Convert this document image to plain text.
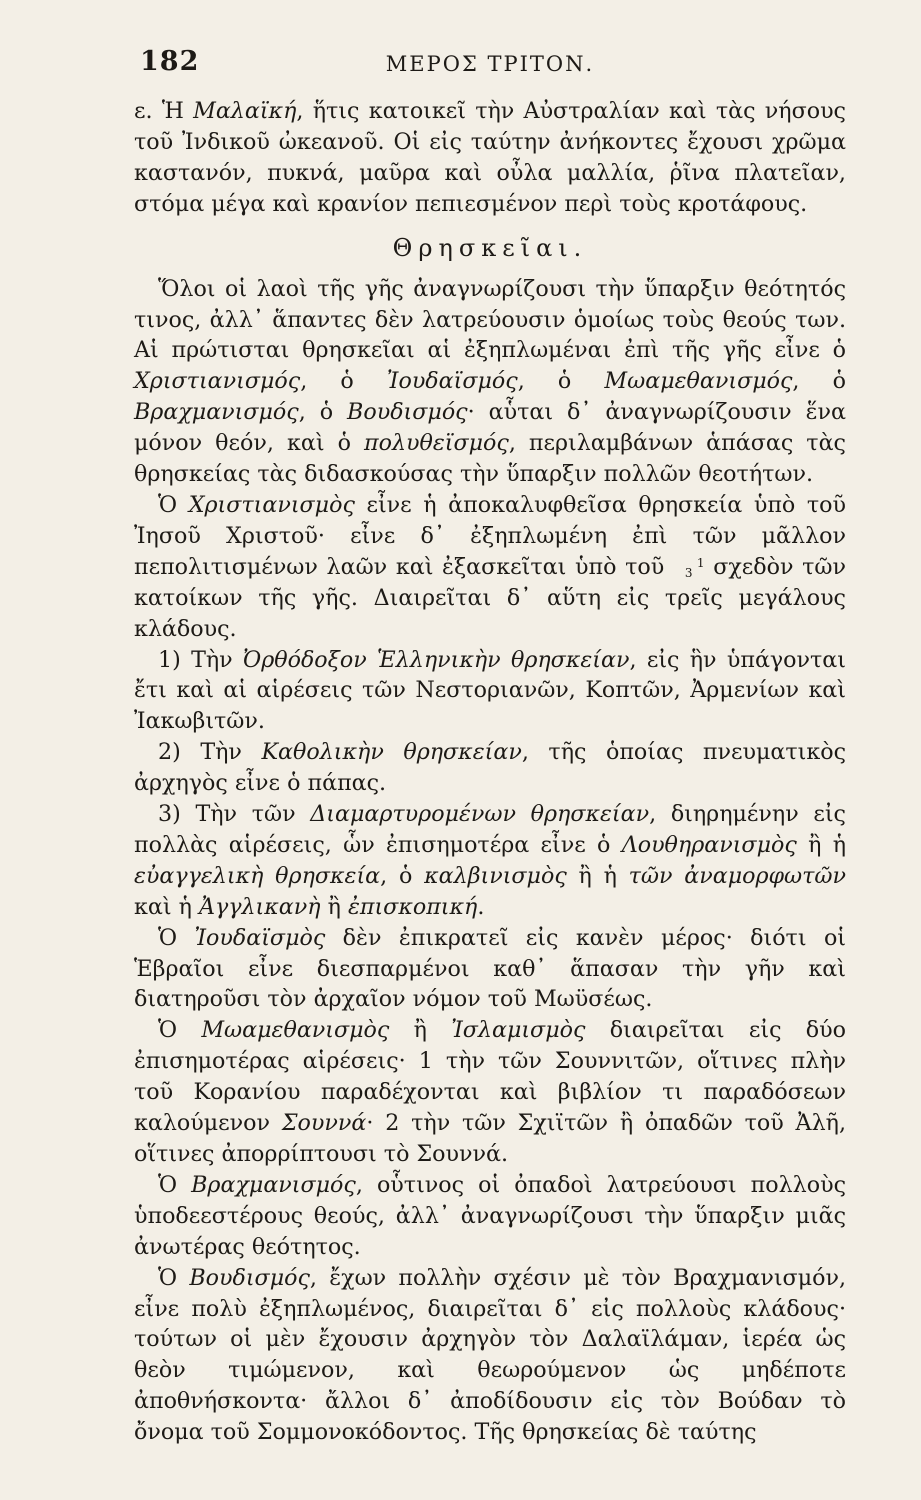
182	ΜΕΡΟΣ ΤΡΙΤΟΝ.

ε. Ἡ Μαλαϊκή, ἥτις κατοικεῖ τὴν Αὐστραλίαν καὶ τὰς νήσους τοῦ Ἰνδικοῦ ὠκεανοῦ. Οἱ εἰς ταύτην ἀνήκοντες ἔχουσι χρῶμα καστανόν, πυκνά, μαῦρα καὶ οὖλα μαλλία, ῥῖνα πλατεῖαν, στόμα μέγα καὶ κρανίον πεπιεσμένον περὶ τοὺς κροτάφους.

Θρησκεῖαι.

Ὅλοι οἱ λαοὶ τῆς γῆς ἀναγνωρίζουσι τὴν ὕπαρξιν θεότητός τινος, ἀλλ᾽ ἅπαντες δὲν λατρεύουσιν ὁμοίως τοὺς θεούς των. Αἱ πρώτισται θρησκεῖαι αἱ ἐξηπλωμέναι ἐπὶ τῆς γῆς εἶνε ὁ Χριστιανισμός, ὁ Ἰουδαϊσμός, ὁ Μωαμεθανισμός, ὁ Βραχμανισμός, ὁ Βουδισμός· αὗται δ᾽ ἀναγνωρίζουσιν ἕνα μόνον θεόν, καὶ ὁ πολυθεϊσμός, περιλαμβάνων ἁπάσας τὰς θρησκείας τὰς διδασκούσας τὴν ὕπαρξιν πολλῶν θεοτήτων.

Ὁ Χριστιανισμὸς εἶνε ἡ ἀποκαλυφθεῖσα θρησκεία ὑπὸ τοῦ Ἰησοῦ Χριστοῦ· εἶνε δ᾽ ἐξηπλωμένη ἐπὶ τῶν μᾶλλον πεπολιτισμένων λαῶν καὶ ἐξασκεῖται ὑπὸ τοῦ 1
3 σχεδὸν τῶν κατοίκων τῆς γῆς. Διαιρεῖται δ᾽ αὕτη εἰς τρεῖς μεγάλους κλάδους.

1) Τὴν Ὀρθόδοξον Ἑλληνικὴν θρησκείαν, εἰς ἣν ὑπάγονται ἔτι καὶ αἱ αἱρέσεις τῶν Νεστοριανῶν, Κοπτῶν, Ἀρμενίων καὶ Ἰακωβιτῶν.

2) Τὴν Καθολικὴν θρησκείαν, τῆς ὁποίας πνευματικὸς ἀρχηγὸς εἶνε ὁ πάπας.

3) Τὴν τῶν Διαμαρτυρομένων θρησκείαν, διηρημένην εἰς πολλὰς αἱρέσεις, ὧν ἐπισημοτέρα εἶνε ὁ Λουθηρανισμὸς ἢ ἡ εὐαγγελικὴ θρησκεία, ὁ καλβινισμὸς ἢ ἡ τῶν ἀναμορφωτῶν καὶ ἡ Ἀγγλικανὴ ἢ ἐπισκοπική.

Ὁ Ἰουδαϊσμὸς δὲν ἐπικρατεῖ εἰς κανὲν μέρος· διότι οἱ Ἑβραῖοι εἶνε διεσπαρμένοι καθ᾽ ἅπασαν τὴν γῆν καὶ διατηροῦσι τὸν ἀρχαῖον νόμον τοῦ Μωϋσέως.

Ὁ Μωαμεθανισμὸς ἢ Ἰσλαμισμὸς διαιρεῖται εἰς δύο ἐπισημοτέρας αἱρέσεις· 1 τὴν τῶν Σουννιτῶν, οἵτινες πλὴν τοῦ Κορανίου παραδέχονται καὶ βιβλίον τι παραδόσεων καλούμενον Σουννά· 2 τὴν τῶν Σχιϊτῶν ἢ ὀπαδῶν τοῦ Ἀλῆ, οἵτινες ἀπορρίπτουσι τὸ Σουννά.

Ὁ Βραχμανισμός, οὗτινος οἱ ὀπαδοὶ λατρεύουσι πολλοὺς ὑποδεεστέρους θεούς, ἀλλ᾽ ἀναγνωρίζουσι τὴν ὕπαρξιν μιᾶς ἀνωτέρας θεότητος.

Ὁ Βουδισμός, ἔχων πολλὴν σχέσιν μὲ τὸν Βραχμανισμόν, εἶνε πολὺ ἐξηπλωμένος, διαιρεῖται δ᾽ εἰς πολλοὺς κλάδους· τούτων οἱ μὲν ἔχουσιν ἀρχηγὸν τὸν Δαλαϊλάμαν, ἱερέα ὡς θεὸν τιμώμενον, καὶ θεωρούμενον ὡς μηδέποτε ἀποθνήσκοντα· ἄλλοι δ᾽ ἀποδίδουσιν εἰς τὸν Βούδαν τὸ ὄνομα τοῦ Σομμονοκόδοντος. Τῆς θρησκείας δὲ ταύτης
